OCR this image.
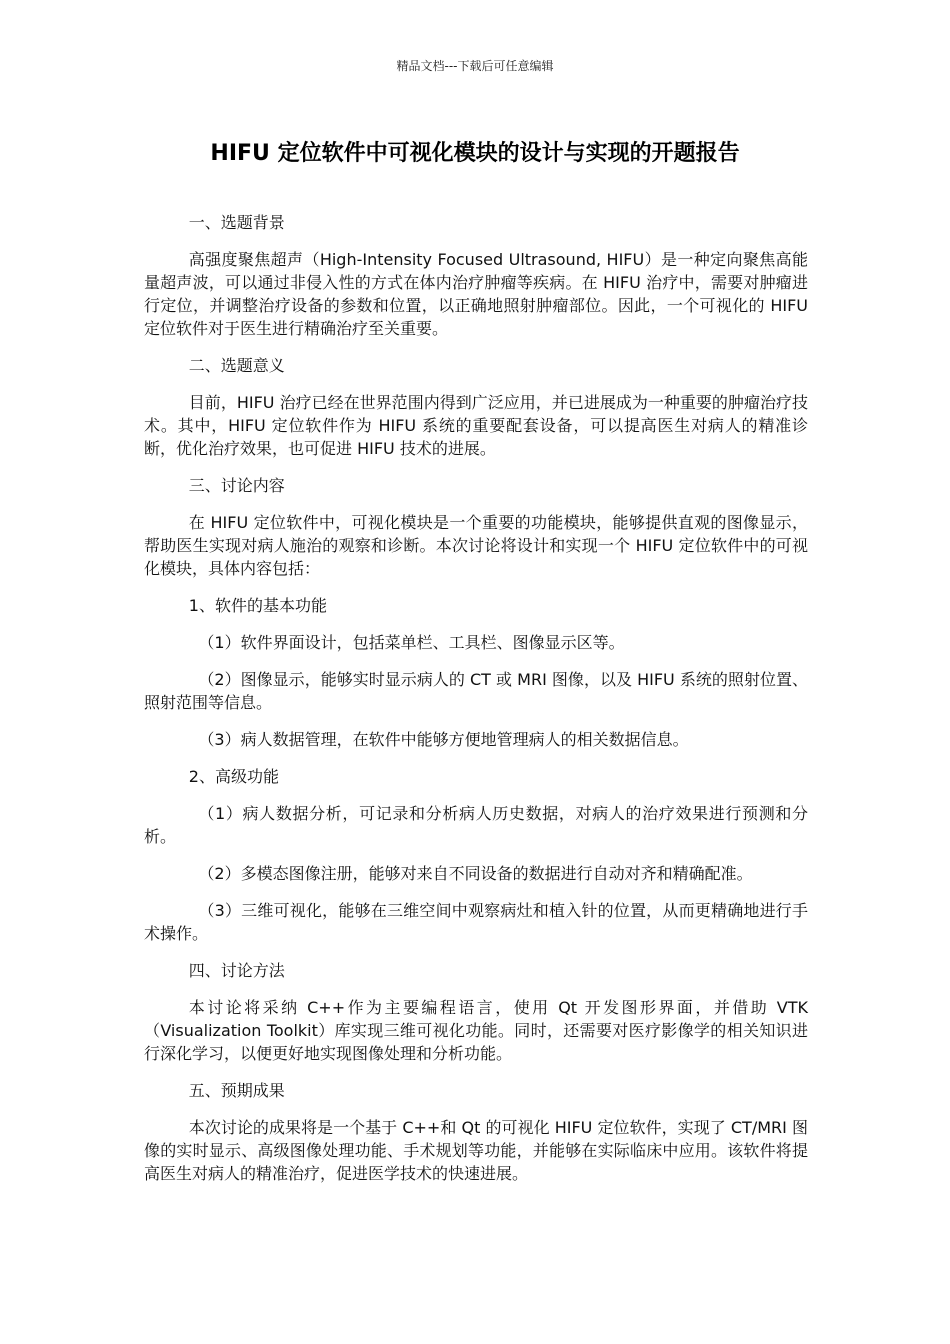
精品文档---下载后可任意编辑
HIFU 定位软件中可视化模块的设计与实现的开题报告

一、选题背景

高强度聚焦超声（High-Intensity Focused Ultrasound, HIFU）是一种定向聚焦高能量超声波，可以通过非侵入性的方式在体内治疗肿瘤等疾病。在 HIFU 治疗中，需要对肿瘤进行定位，并调整治疗设备的参数和位置，以正确地照射肿瘤部位。因此，一个可视化的 HIFU 定位软件对于医生进行精确治疗至关重要。

二、选题意义

目前，HIFU 治疗已经在世界范围内得到广泛应用，并已进展成为一种重要的肿瘤治疗技术。其中，HIFU 定位软件作为 HIFU 系统的重要配套设备，可以提高医生对病人的精准诊断，优化治疗效果，也可促进 HIFU 技术的进展。

三、讨论内容

在 HIFU 定位软件中，可视化模块是一个重要的功能模块，能够提供直观的图像显示，帮助医生实现对病人施治的观察和诊断。本次讨论将设计和实现一个 HIFU 定位软件中的可视化模块，具体内容包括：

1、软件的基本功能

（1）软件界面设计，包括菜单栏、工具栏、图像显示区等。

（2）图像显示，能够实时显示病人的 CT 或 MRI 图像，以及 HIFU 系统的照射位置、照射范围等信息。

（3）病人数据管理，在软件中能够方便地管理病人的相关数据信息。

2、高级功能

（1）病人数据分析，可记录和分析病人历史数据，对病人的治疗效果进行预测和分析。

（2）多模态图像注册，能够对来自不同设备的数据进行自动对齐和精确配准。

（3）三维可视化，能够在三维空间中观察病灶和植入针的位置，从而更精确地进行手术操作。

四、讨论方法

本讨论将采纳 C++作为主要编程语言，使用 Qt 开发图形界面，并借助 VTK（Visualization Toolkit）库实现三维可视化功能。同时，还需要对医疗影像学的相关知识进行深化学习，以便更好地实现图像处理和分析功能。

五、预期成果

本次讨论的成果将是一个基于 C++和 Qt 的可视化 HIFU 定位软件，实现了 CT/MRI 图像的实时显示、高级图像处理功能、手术规划等功能，并能够在实际临床中应用。该软件将提高医生对病人的精准治疗，促进医学技术的快速进展。
